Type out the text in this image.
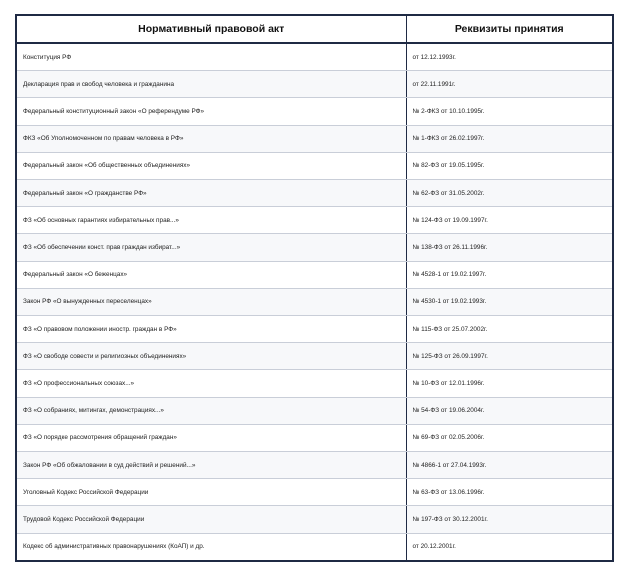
Нормативный правовой акт	Реквизиты принятия
Конституция РФ	от 12.12.1993г.
Декларация прав и свобод человека и гражданина	от 22.11.1991г.
Федеральный конституционный закон «О референдуме РФ»	№ 2-ФКЗ от 10.10.1995г.
ФКЗ «Об Уполномоченном по правам человека в РФ»	№ 1-ФКЗ от 26.02.1997г.
Федеральный закон «Об общественных объединениях»	№ 82-ФЗ от 19.05.1995г.
Федеральный закон «О гражданстве РФ»	№ 62-ФЗ от 31.05.2002г.
ФЗ «Об основных гарантиях избирательных прав...»	№ 124-ФЗ от 19.09.1997г.
ФЗ «Об обеспечении конст. прав граждан избират...»	№ 138-ФЗ от 26.11.1996г.
Федеральный закон «О беженцах»	№ 4528-1 от 19.02.1997г.
Закон РФ «О вынужденных переселенцах»	№ 4530-1 от 19.02.1993г.
ФЗ «О правовом положении иностр. граждан в РФ»	№ 115-ФЗ от 25.07.2002г.
ФЗ «О свободе совести и религиозных объединениях»	№ 125-ФЗ от 26.09.1997г.
ФЗ «О профессиональных союзах...»	№ 10-ФЗ от 12.01.1996г.
ФЗ «О собраниях, митингах, демонстрациях...»	№ 54-ФЗ от 19.06.2004г.
ФЗ «О порядке рассмотрения обращений граждан»	№ 69-ФЗ от 02.05.2006г.
Закон РФ «Об обжаловании в суд действий и решений...»	№ 4866-1 от 27.04.1993г.
Уголовный Кодекс Российской Федерации	№ 63-ФЗ от 13.06.1996г.
Трудовой Кодекс Российской Федерации	№ 197-ФЗ от 30.12.2001г.
Кодекс об административных правонарушениях (КоАП) и др.	от 20.12.2001г.
